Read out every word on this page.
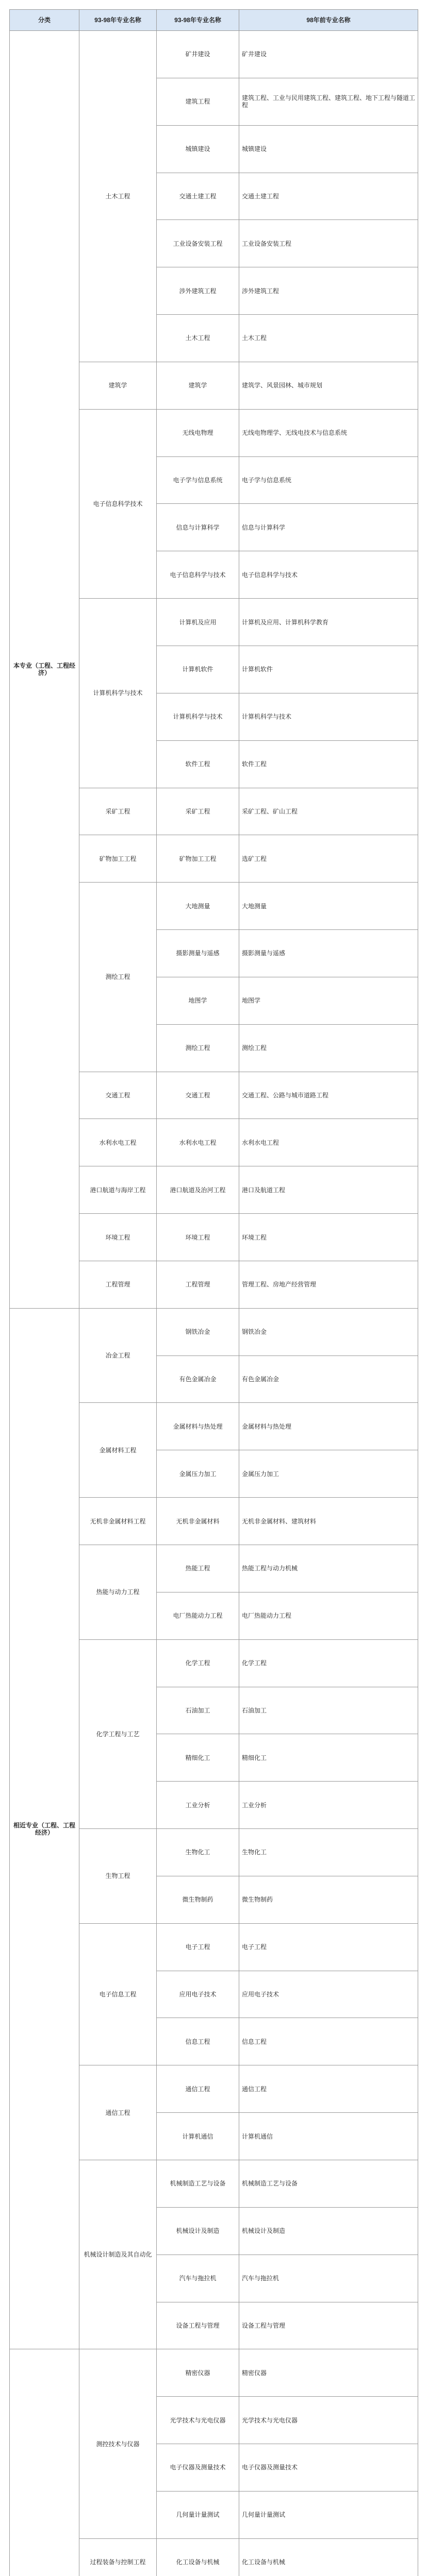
分类	93-98年专业名称	93-98年专业名称	98年前专业名称
本专业（工程、工程经济）	土木工程	矿井建设	矿井建设
		建筑工程	建筑工程、工业与民用建筑工程、建筑工程、地下工程与隧道工程
		城镇建设	城镇建设
		交通土建工程	交通土建工程
		工业设备安装工程	工业设备安装工程
		涉外建筑工程	涉外建筑工程
		土木工程	土木工程
	建筑学	建筑学	建筑学、风景园林、城市规划
	电子信息科学技术	无线电物理	无线电物理学、无线电技术与信息系统
		电子学与信息系统	电子学与信息系统
		信息与计算科学	信息与计算科学
		电子信息科学与技术	电子信息科学与技术
	计算机科学与技术	计算机及应用	计算机及应用、计算机科学教育
		计算机软件	计算机软件
		计算机科学与技术	计算机科学与技术
		软件工程	软件工程
	采矿工程	采矿工程	采矿工程、矿山工程
	矿物加工工程	矿物加工工程	选矿工程
	测绘工程	大地测量	大地测量
		摄影测量与遥感	摄影测量与遥感
		地图学	地图学
		测绘工程	测绘工程
	交通工程	交通工程	交通工程、公路与城市道路工程
	水利水电工程	水利水电工程	水利水电工程
	港口航道与海岸工程	港口航道及治河工程	港口及航道工程
	环境工程	环境工程	环境工程
	工程管理	工程管理	管理工程、房地产经营管理
相近专业（工程、工程经济）	冶金工程	钢铁冶金	钢铁冶金
		有色金属冶金	有色金属冶金
	金属材料工程	金属材料与热处理	金属材料与热处理
		金属压力加工	金属压力加工
	无机非金属材料工程	无机非金属材料	无机非金属材料、建筑材料
	热能与动力工程	热能工程	热能工程与动力机械
		电厂热能动力工程	电厂热能动力工程
	化学工程与工艺	化学工程	化学工程
		石油加工	石油加工
		精细化工	精细化工
		工业分析	工业分析
	生物工程	生物化工	生物化工
		微生物制药	微生物制药
	电子信息工程	电子工程	电子工程
		应用电子技术	应用电子技术
		信息工程	信息工程
	通信工程	通信工程	通信工程
		计算机通信	计算机通信
	机械设计制造及其自动化	机械制造工艺与设备	机械制造工艺与设备
		机械设计及制造	机械设计及制造
		汽车与拖拉机	汽车与拖拉机
		设备工程与管理	设备工程与管理
	测控技术与仪器	精密仪器	精密仪器
		光学技术与光电仪器	光学技术与光电仪器
		电子仪器及测量技术	电子仪器及测量技术
		几何量计量测试	几何量计量测试
	过程装备与控制工程	化工设备与机械	化工设备与机械
